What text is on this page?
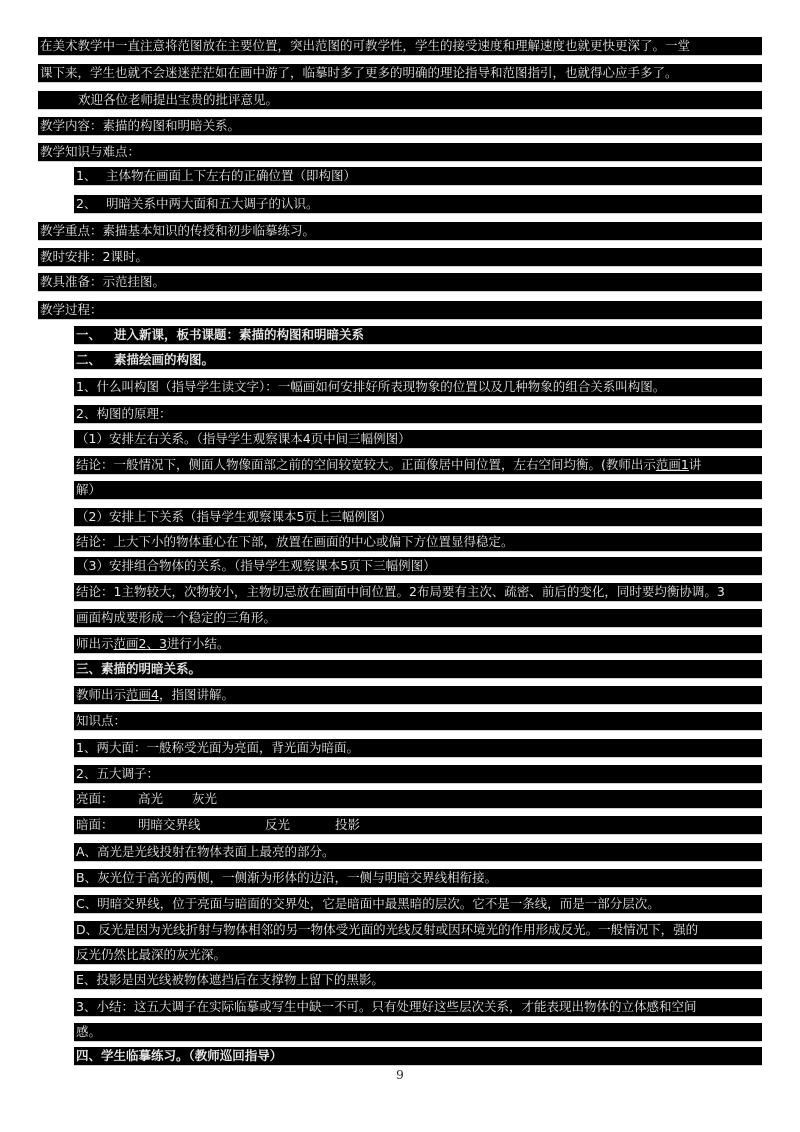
在美术教学中一直注意将范图放在主要位置，突出范图的可教学性，学生的接受速度和理解速度也就更快更深了。一堂
课下来，学生也就不会迷迷茫茫如在画中游了，临摹时多了更多的明确的理论指导和范图指引，也就得心应手多了。
欢迎各位老师提出宝贵的批评意见。
教学内容：素描的构图和明暗关系。
教学知识与难点：
1、 主体物在画面上下左右的正确位置（即构图）
2、 明暗关系中两大面和五大调子的认识。
教学重点：素描基本知识的传授和初步临摹练习。
教时安排：2课时。
教具准备：示范挂图。
教学过程：
一、 进入新课，板书课题：素描的构图和明暗关系
二、 素描绘画的构图。
1、什么叫构图（指导学生读文字）：一幅画如何安排好所表现物象的位置以及几种物象的组合关系叫构图。
2、构图的原理：
（1）安排左右关系。（指导学生观察课本4页中间三幅例图）
结论：一般情况下，侧面人物像面部之前的空间较宽较大。正面像居中间位置，左右空间均衡。(教师出示范画1讲
解）
（2）安排上下关系（指导学生观察课本5页上三幅例图）
结论：上大下小的物体重心在下部，放置在画面的中心或偏下方位置显得稳定。
（3）安排组合物体的关系。（指导学生观察课本5页下三幅例图）
结论：1主物较大，次物较小，主物切忌放在画面中间位置。2布局要有主次、疏密、前后的变化，同时要均衡协调。3
画面构成要形成一个稳定的三角形。
师出示范画2、3进行小结。
三、素描的明暗关系。
教师出示范画4，指图讲解。
知识点：
1、两大面：一般称受光面为亮面，背光面为暗面。
2、五大调子：
亮面： 高光 灰光
暗面： 明暗交界线	反光	投影
A、高光是光线投射在物体表面上最亮的部分。
B、灰光位于高光的两侧，一侧渐为形体的边沿，一侧与明暗交界线相衔接。
C、明暗交界线，位于亮面与暗面的交界处，它是暗面中最黑暗的层次。它不是一条线，而是一部分层次。
D、反光是因为光线折射与物体相邻的另一物体受光面的光线反射或因环境光的作用形成反光。一般情况下，强的
反光仍然比最深的灰光深。
E、投影是因光线被物体遮挡后在支撑物上留下的黑影。
3、小结：这五大调子在实际临摹或写生中缺一不可。只有处理好这些层次关系，才能表现出物体的立体感和空间
感。
四、学生临摹练习。（教师巡回指导）
9
